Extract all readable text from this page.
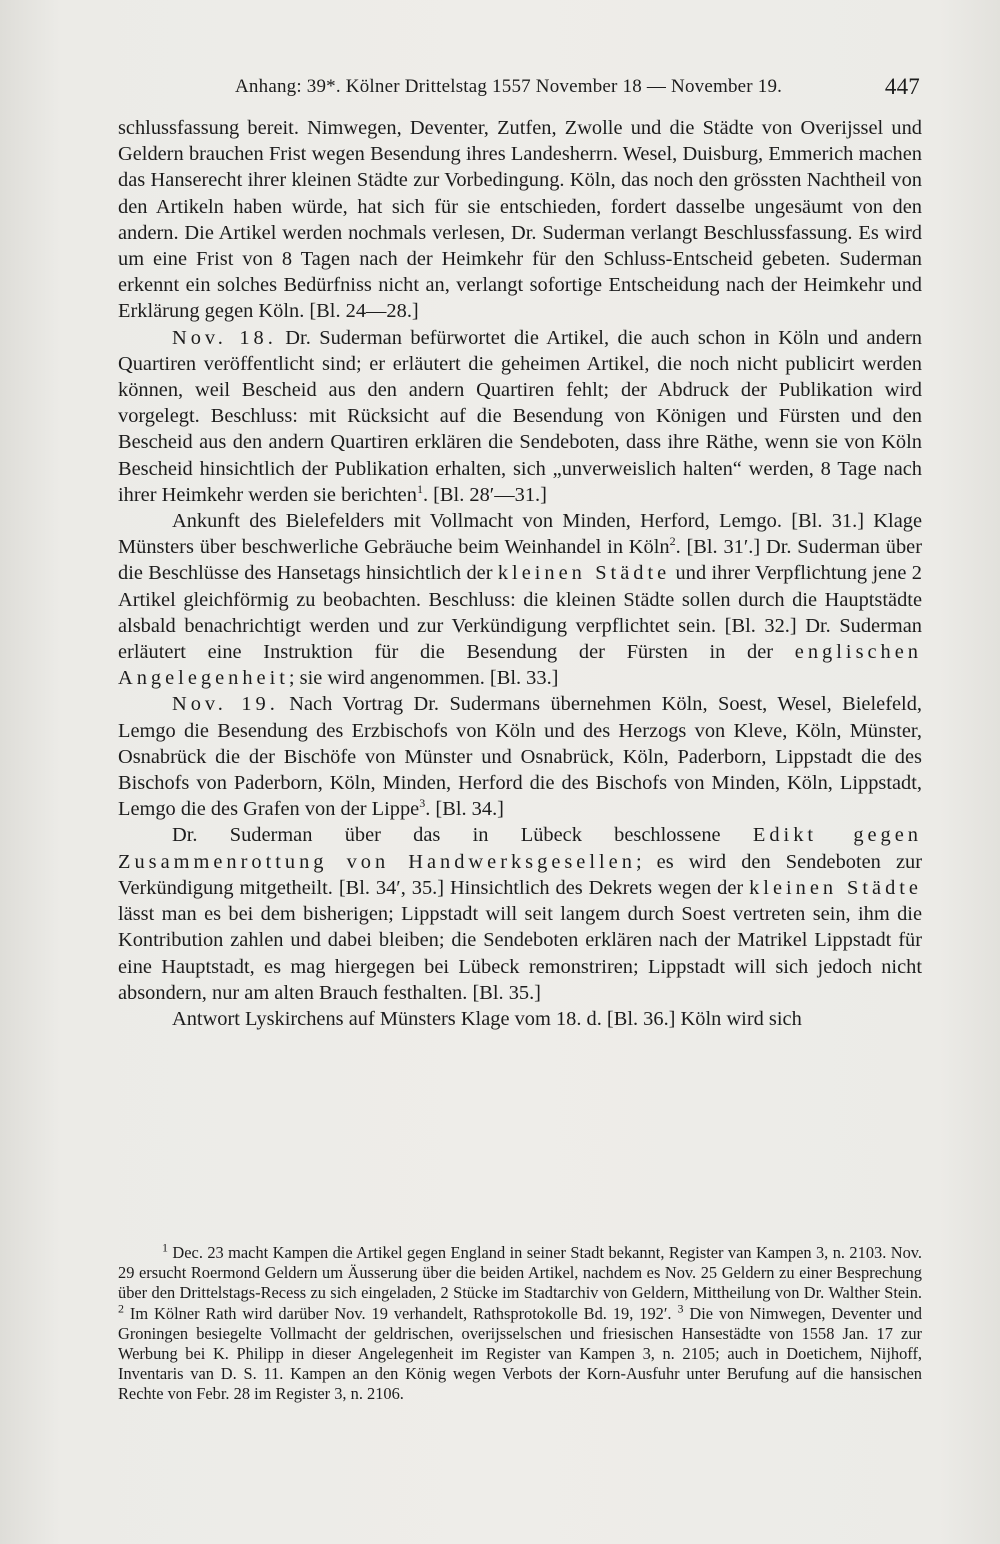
Anhang: 39*. Kölner Drittelstag 1557 November 18 — November 19.	447

schlussfassung bereit. Nimwegen, Deventer, Zutfen, Zwolle und die Städte von Overijssel und Geldern brauchen Frist wegen Besendung ihres Landesherrn. Wesel, Duisburg, Emmerich machen das Hanserecht ihrer kleinen Städte zur Vorbedingung. Köln, das noch den grössten Nachtheil von den Artikeln haben würde, hat sich für sie entschieden, fordert dasselbe ungesäumt von den andern. Die Artikel werden nochmals verlesen, Dr. Suderman verlangt Beschlussfassung. Es wird um eine Frist von 8 Tagen nach der Heimkehr für den Schluss-Entscheid gebeten. Suderman erkennt ein solches Bedürfniss nicht an, verlangt sofortige Entscheidung nach der Heimkehr und Erklärung gegen Köln. [Bl. 24—28.]

Nov. 18. Dr. Suderman befürwortet die Artikel, die auch schon in Köln und andern Quartiren veröffentlicht sind; er erläutert die geheimen Artikel, die noch nicht publicirt werden können, weil Bescheid aus den andern Quartiren fehlt; der Abdruck der Publikation wird vorgelegt. Beschluss: mit Rücksicht auf die Besendung von Königen und Fürsten und den Bescheid aus den andern Quartiren erklären die Sendeboten, dass ihre Räthe, wenn sie von Köln Bescheid hinsichtlich der Publikation erhalten, sich „unverweislich halten“ werden, 8 Tage nach ihrer Heimkehr werden sie berichten$^1$. [Bl. 28′—31.]

Ankunft des Bielefelders mit Vollmacht von Minden, Herford, Lemgo. [Bl. 31.] Klage Münsters über beschwerliche Gebräuche beim Weinhandel in Köln$^2$. [Bl. 31′.] Dr. Suderman über die Beschlüsse des Hansetags hinsichtlich der kleinen Städte und ihrer Verpflichtung jene 2 Artikel gleichförmig zu beobachten. Beschluss: die kleinen Städte sollen durch die Hauptstädte alsbald benachrichtigt werden und zur Verkündigung verpflichtet sein. [Bl. 32.] Dr. Suderman erläutert eine Instruktion für die Besendung der Fürsten in der englischen Angelegenheit; sie wird angenommen. [Bl. 33.]

Nov. 19. Nach Vortrag Dr. Sudermans übernehmen Köln, Soest, Wesel, Bielefeld, Lemgo die Besendung des Erzbischofs von Köln und des Herzogs von Kleve, Köln, Münster, Osnabrück die der Bischöfe von Münster und Osnabrück, Köln, Paderborn, Lippstadt die des Bischofs von Paderborn, Köln, Minden, Herford die des Bischofs von Minden, Köln, Lippstadt, Lemgo die des Grafen von der Lippe$^3$. [Bl. 34.]

Dr. Suderman über das in Lübeck beschlossene Edikt gegen Zusammenrottung von Handwerksgesellen; es wird den Sendeboten zur Verkündigung mitgetheilt. [Bl. 34′, 35.] Hinsichtlich des Dekrets wegen der kleinen Städte lässt man es bei dem bisherigen; Lippstadt will seit langem durch Soest vertreten sein, ihm die Kontribution zahlen und dabei bleiben; die Sendeboten erklären nach der Matrikel Lippstadt für eine Hauptstadt, es mag hiergegen bei Lübeck remonstriren; Lippstadt will sich jedoch nicht absondern, nur am alten Brauch festhalten. [Bl. 35.]

Antwort Lyskirchens auf Münsters Klage vom 18. d. [Bl. 36.] Köln wird sich

$^1$ Dec. 23 macht Kampen die Artikel gegen England in seiner Stadt bekannt, Register van Kampen 3, n. 2103. Nov. 29 ersucht Roermond Geldern um Äusserung über die beiden Artikel, nachdem es Nov. 25 Geldern zu einer Besprechung über den Drittelstags-Recess zu sich eingeladen, 2 Stücke im Stadtarchiv von Geldern, Mittheilung von Dr. Walther Stein. $^2$ Im Kölner Rath wird darüber Nov. 19 verhandelt, Rathsprotokolle Bd. 19, 192′. $^3$ Die von Nimwegen, Deventer und Groningen besiegelte Vollmacht der geldrischen, overijsselschen und friesischen Hansestädte von 1558 Jan. 17 zur Werbung bei K. Philipp in dieser Angelegenheit im Register van Kampen 3, n. 2105; auch in Doetichem, Nijhoff, Inventaris van D. S. 11. Kampen an den König wegen Verbots der Korn-Ausfuhr unter Berufung auf die hansischen Rechte von Febr. 28 im Register 3, n. 2106.
